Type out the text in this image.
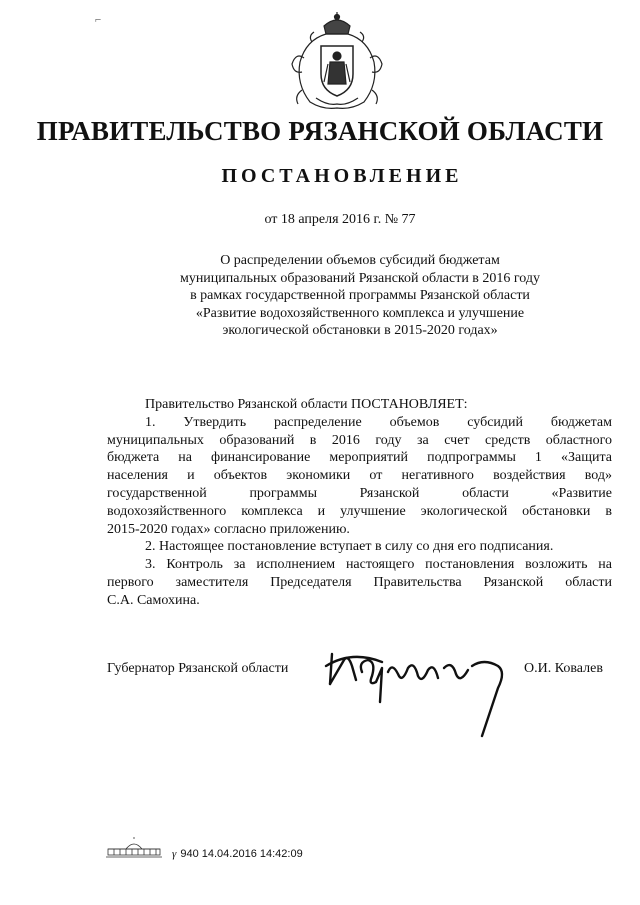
⌐
ПРАВИТЕЛЬСТВО РЯЗАНСКОЙ ОБЛАСТИ
ПОСТАНОВЛЕНИЕ
от 18 апреля 2016 г. № 77
О распределении объемов субсидий бюджетам
муниципальных образований Рязанской области в 2016 году
в рамках государственной программы Рязанской области
«Развитие водохозяйственного комплекса и улучшение
экологической обстановки в 2015-2020 годах»

Правительство Рязанской области ПОСТАНОВЛЯЕТ:

1. Утвердить распределение объемов субсидий бюджетам

муниципальных образований в 2016 году за счет средств областного

бюджета на финансирование мероприятий подпрограммы 1 «Защита

населения и объектов экономики от негативного воздействия вод»

государственной программы Рязанской области «Развитие

водохозяйственного комплекса и улучшение экологической обстановки в

2015-2020 годах» согласно приложению.

2. Настоящее постановление вступает в силу со дня его подписания.

3. Контроль за исполнением настоящего постановления возложить на

первого заместителя Председателя Правительства Рязанской области

С.А. Самохина.

Губернатор Рязанской области	О.И. Ковалев
γ 940 14.04.2016 14:42:09
